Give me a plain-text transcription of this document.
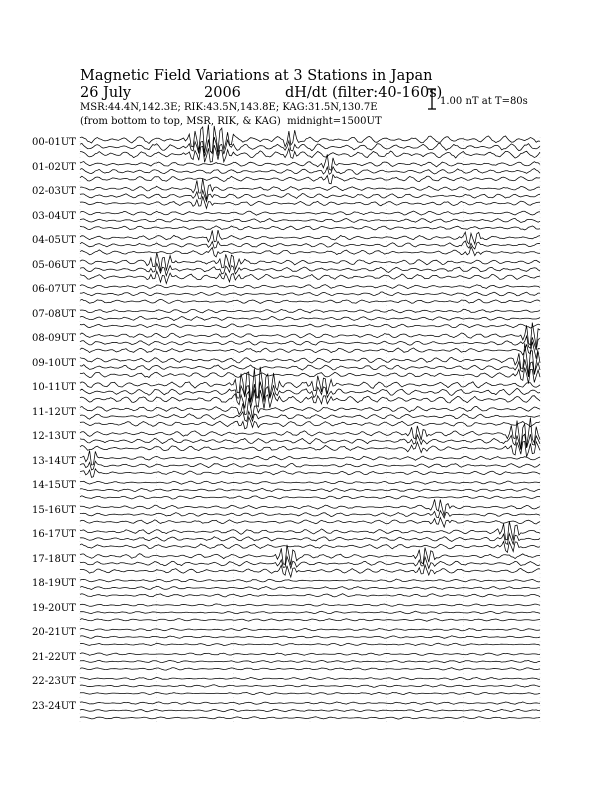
Magnetic Field Variations at 3 Stations in Japan
26 July	2006	dH/dt (filter:40-160s)
MSR:44.4N,142.3E; RIK:43.5N,143.8E; KAG:31.5N,130.7E
(from bottom to top, MSR, RIK, & KAG) midnight=1500UT
1.00 nT at T=80s
00-01UT
01-02UT
02-03UT
03-04UT
04-05UT
05-06UT
06-07UT
07-08UT
08-09UT
09-10UT
10-11UT
11-12UT
12-13UT
13-14UT
14-15UT
15-16UT
16-17UT
17-18UT
18-19UT
19-20UT
20-21UT
21-22UT
22-23UT
23-24UT
